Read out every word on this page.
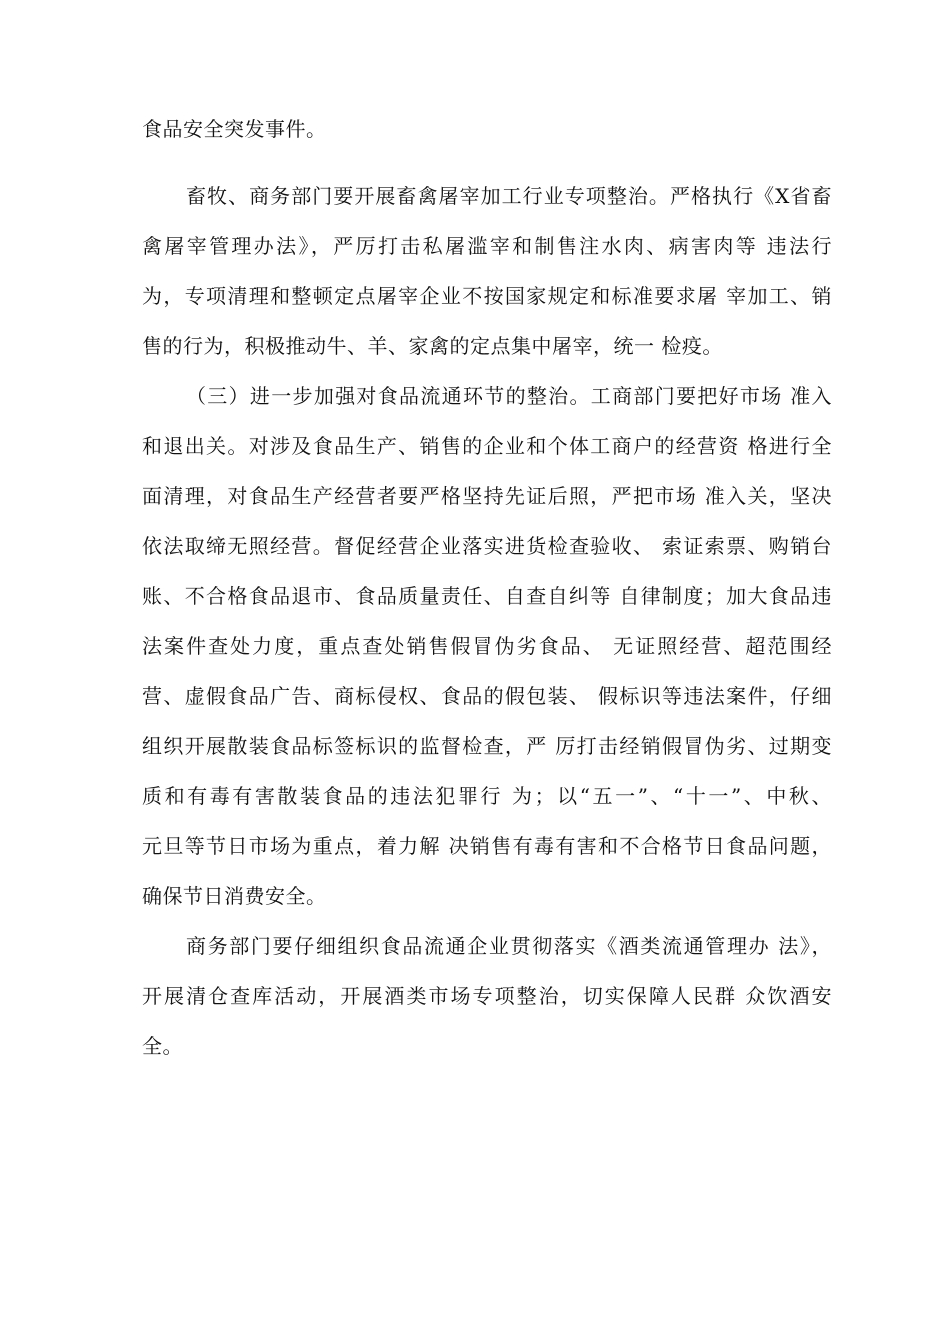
食品安全突发事件。
畜牧、商务部门要开展畜禽屠宰加工行业专项整治。严格执行《X省畜
禽屠宰管理办法》，严厉打击私屠滥宰和制售注水肉、病害肉等 违法行
为，专项清理和整顿定点屠宰企业不按国家规定和标准要求屠 宰加工、销
售的行为，积极推动牛、羊、家禽的定点集中屠宰，统一 检疫。
（三）进一步加强对食品流通环节的整治。工商部门要把好市场 准入
和退出关。对涉及食品生产、销售的企业和个体工商户的经营资 格进行全
面清理，对食品生产经营者要严格坚持先证后照，严把市场 准入关，坚决
依法取缔无照经营。督促经营企业落实进货检查验收、 索证索票、购销台
账、不合格食品退市、食品质量责任、自查自纠等 自律制度；加大食品违
法案件查处力度，重点查处销售假冒伪劣食品、 无证照经营、超范围经
营、虚假食品广告、商标侵权、食品的假包装、 假标识等违法案件，仔细
组织开展散装食品标签标识的监督检查，严 厉打击经销假冒伪劣、过期变
质和有毒有害散装食品的违法犯罪行 为；以“五一”、“十一”、中秋、
元旦等节日市场为重点，着力解 决销售有毒有害和不合格节日食品问题，
确保节日消费安全。
商务部门要仔细组织食品流通企业贯彻落实《酒类流通管理办 法》，
开展清仓查库活动，开展酒类市场专项整治，切实保障人民群 众饮酒安
全。
